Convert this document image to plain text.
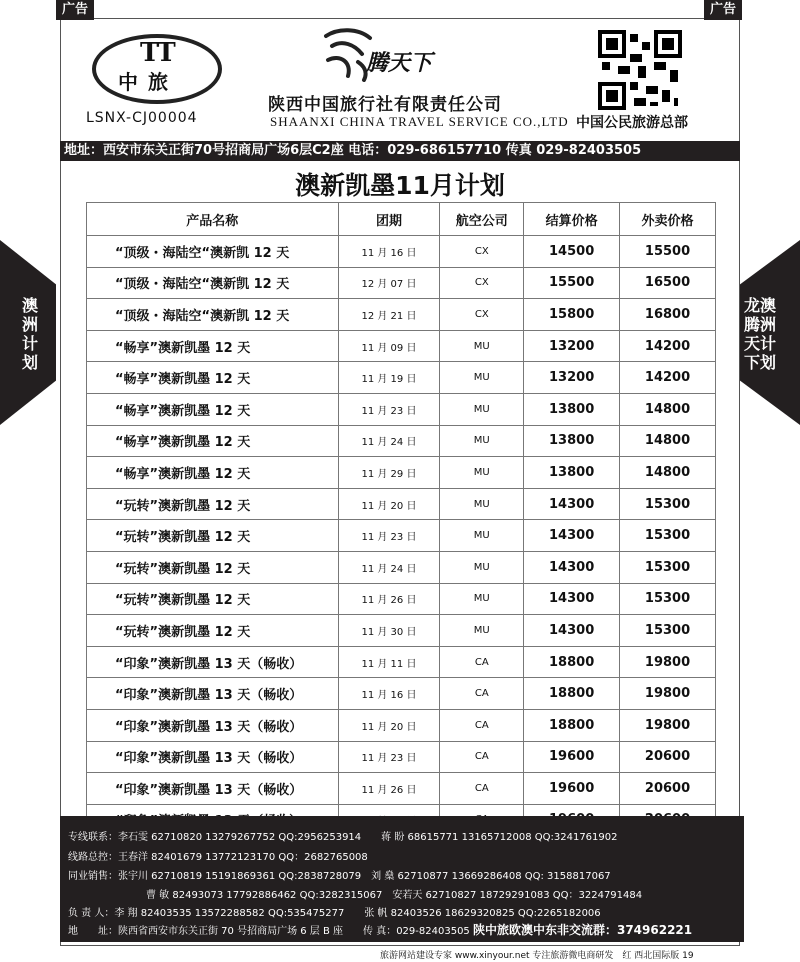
广告	广告
TT
中旅
LSNX-CJ00004
腾天下
陕西中国旅行社有限责任公司
SHAANXI CHINA TRAVEL SERVICE CO.,LTD 中国公民旅游总部
地址：西安市东关正街70号招商局广场6层C2座 电话：029-686157710 传真 029-82403505
澳新凯墨11月计划
澳
洲
计
划
龙澳
腾洲
天计
下划
产品名称	团期	航空公司	结算价格	外卖价格
“顶级・海陆空“澳新凯 12 天	11 月 16 日	CX	14500	15500
“顶级・海陆空“澳新凯 12 天	12 月 07 日	CX	15500	16500
“顶级・海陆空“澳新凯 12 天	12 月 21 日	CX	15800	16800
“畅享”澳新凯墨 12 天	11 月 09 日	MU	13200	14200
“畅享”澳新凯墨 12 天	11 月 19 日	MU	13200	14200
“畅享”澳新凯墨 12 天	11 月 23 日	MU	13800	14800
“畅享”澳新凯墨 12 天	11 月 24 日	MU	13800	14800
“畅享”澳新凯墨 12 天	11 月 29 日	MU	13800	14800
“玩转”澳新凯墨 12 天	11 月 20 日	MU	14300	15300
“玩转”澳新凯墨 12 天	11 月 23 日	MU	14300	15300
“玩转”澳新凯墨 12 天	11 月 24 日	MU	14300	15300
“玩转”澳新凯墨 12 天	11 月 26 日	MU	14300	15300
“玩转”澳新凯墨 12 天	11 月 30 日	MU	14300	15300
“印象”澳新凯墨 13 天（畅收）	11 月 11 日	CA	18800	19800
“印象”澳新凯墨 13 天（畅收）	11 月 16 日	CA	18800	19800
“印象”澳新凯墨 13 天（畅收）	11 月 20 日	CA	18800	19800
“印象”澳新凯墨 13 天（畅收）	11 月 23 日	CA	19600	20600
“印象”澳新凯墨 13 天（畅收）	11 月 26 日	CA	19600	20600

专线联系：李石雯 62710820 13279267752 QQ:2956253914　　蒋 盼 68615771 13165712008 QQ:3241761902
线路总控：王春洋 82401679 13772123170 QQ：2682765008
同业销售：张宇川 62710819 15191869361 QQ:2838728079　刘 燊 62710877 13669286408 QQ: 3158817067
曹 敏 82493073 17792886462 QQ:3282315067　安若天 62710827 18729291083 QQ：3224791484
负 责 人：李 翔 82403535 13572288582 QQ:535475277　　张 帆 82403526 18629320825 QQ:2265182006
地　　址：陕西省西安市东关正街 70 号招商局广场 6 层 B 座　　传 真：029-82403505 陕中旅欧澳中东非交流群：374962221
旅游网站建设专家 www.xinyour.net 专注旅游微电商研发　红 西北国际版 19
